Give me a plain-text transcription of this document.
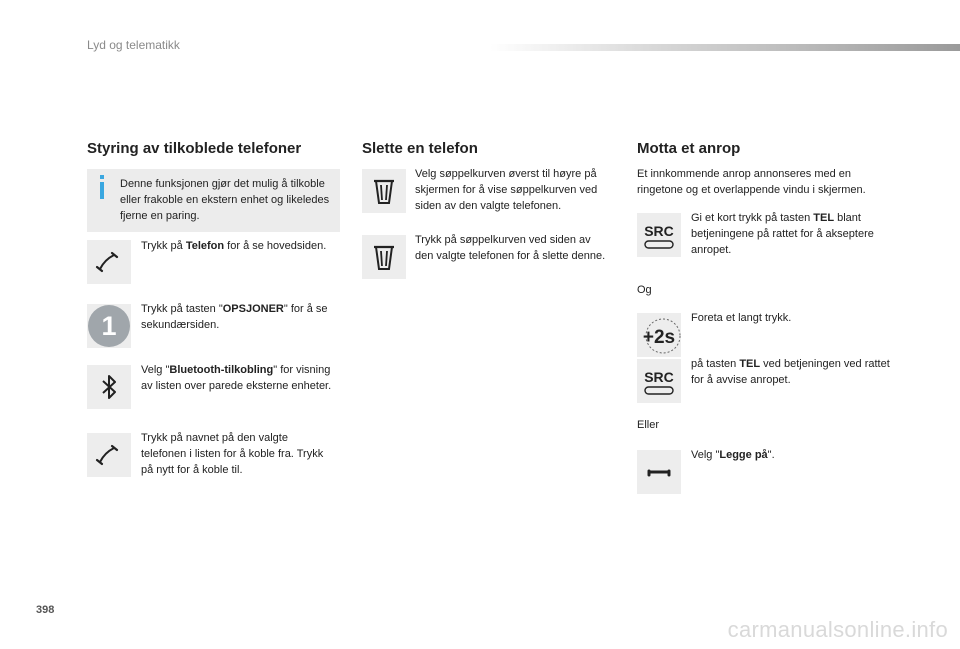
Lyd og telematikk
Styring av tilkoblede telefoner
Denne funksjonen gjør det mulig å tilkoble eller frakoble en ekstern enhet og likeledes fjerne en paring.
Trykk på Telefon for å se hovedsiden.
1
Trykk på tasten "OPSJONER" for å se sekundærsiden.
Velg "Bluetooth-tilkobling" for visning av listen over parede eksterne enheter.
Trykk på navnet på den valgte telefonen i listen for å koble fra. Trykk på nytt for å koble til.
Slette en telefon
Velg søppelkurven øverst til høyre på skjermen for å vise søppelkurven ved siden av den valgte telefonen.
Trykk på søppelkurven ved siden av den valgte telefonen for å slette denne.
Motta et anrop
Et innkommende anrop annonseres med en ringetone og et overlappende vindu i skjermen.
SRC
Gi et kort trykk på tasten TEL blant betjeningene på rattet for å akseptere anropet.
Og
+2s
Foreta et langt trykk.
SRC
på tasten TEL ved betjeningen ved rattet for å avvise anropet.
Eller
Velg "Legge på".
398
carmanualsonline.info
